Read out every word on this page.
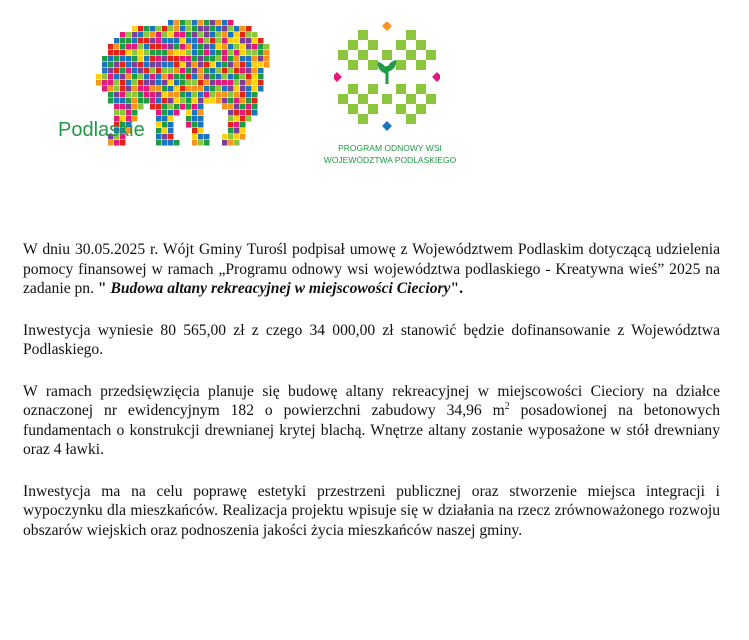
Podlaskie
PROGRAM ODNOWY WSI
WOJEWÓDZTWA PODLASKIEGO

W dniu 30.05.2025 r. Wójt Gminy Turośl podpisał umowę z Województwem Podlaskim dotyczącą udzielenia pomocy finansowej w ramach „Programu odnowy wsi województwa podlaskiego - Kreatywna wieś” 2025 na zadanie pn. " Budowa altany rekreacyjnej w miejscowości Cieciory".

Inwestycja wyniesie 80 565,00 zł z czego 34 000,00 zł stanowić będzie dofinansowanie z Województwa Podlaskiego.

W ramach przedsięwzięcia planuje się budowę altany rekreacyjnej w miejscowości Cieciory na działce oznaczonej nr ewidencyjnym 182 o powierzchni zabudowy 34,96 $m^2$ posadowionej na betonowych fundamentach o konstrukcji drewnianej krytej blachą. Wnętrze altany zostanie wyposażone w stół drewniany oraz 4 ławki.

Inwestycja ma na celu poprawę estetyki przestrzeni publicznej oraz stworzenie miejsca integracji i wypoczynku dla mieszkańców. Realizacja projektu wpisuje się w działania na rzecz zrównoważonego rozwoju obszarów wiejskich oraz podnoszenia jakości życia mieszkańców naszej gminy.
